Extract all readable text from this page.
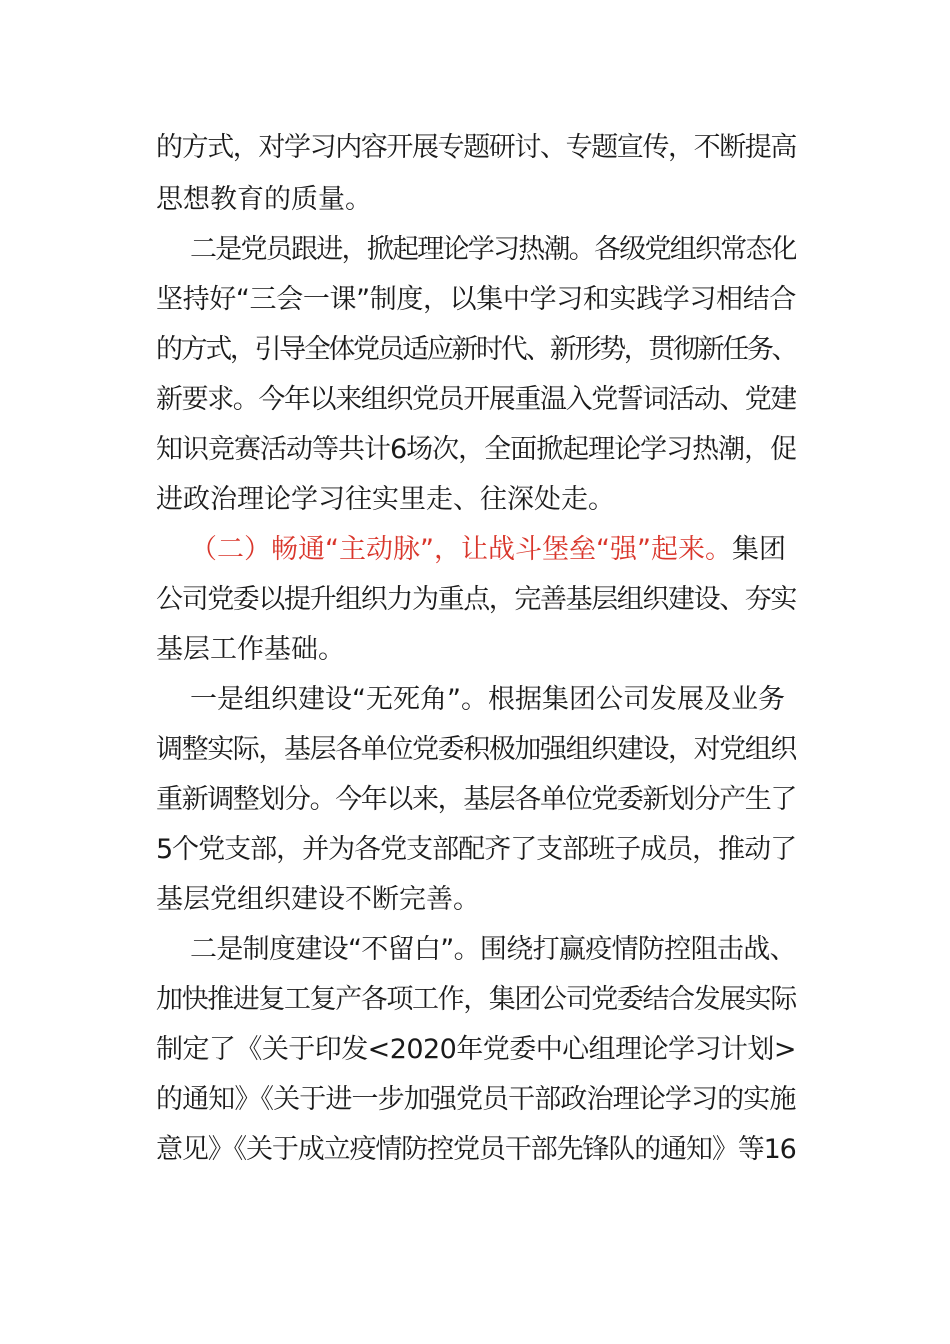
的方式，对学习内容开展专题研讨、专题宣传，不断提高
思想教育的质量。
二是党员跟进，掀起理论学习热潮。各级党组织常态化
坚持好“三会一课”制度，以集中学习和实践学习相结合
的方式，引导全体党员适应新时代、新形势，贯彻新任务、
新要求。今年以来组织党员开展重温入党誓词活动、党建
知识竞赛活动等共计6场次，全面掀起理论学习热潮，促
进政治理论学习往实里走、往深处走。
（二）畅通“主动脉”，让战斗堡垒“强”起来。集团
公司党委以提升组织力为重点，完善基层组织建设、夯实
基层工作基础。
一是组织建设“无死角”。根据集团公司发展及业务
调整实际，基层各单位党委积极加强组织建设，对党组织
重新调整划分。今年以来，基层各单位党委新划分产生了
5个党支部，并为各党支部配齐了支部班子成员，推动了
基层党组织建设不断完善。
二是制度建设“不留白”。围绕打赢疫情防控阻击战、
加快推进复工复产各项工作，集团公司党委结合发展实际
制定了《关于印发<2020年党委中心组理论学习计划>
的通知》《关于进一步加强党员干部政治理论学习的实施
意见》《关于成立疫情防控党员干部先锋队的通知》等16
